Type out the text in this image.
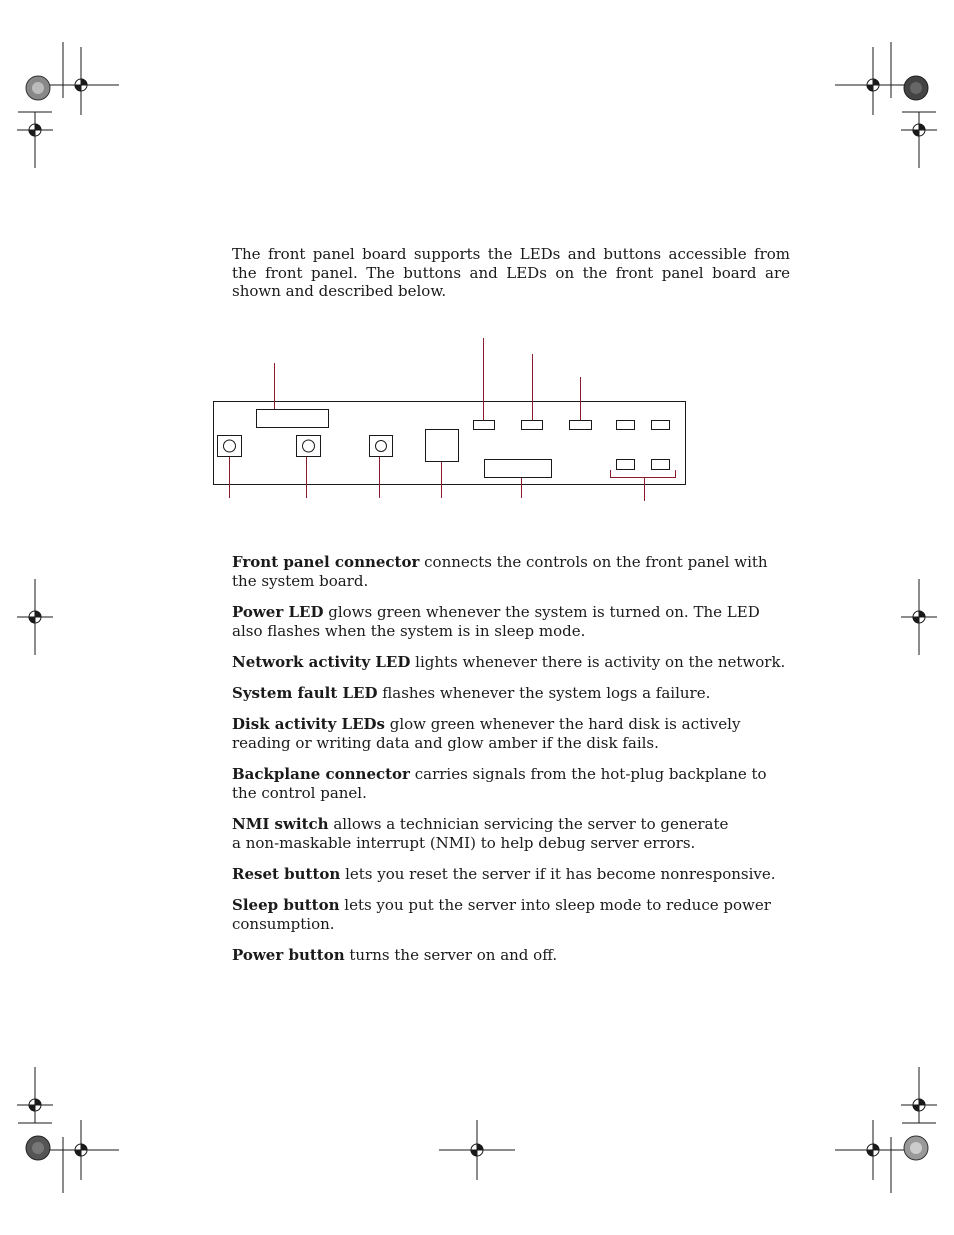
The front panel board supports the LEDs and buttons accessible from the front panel. The buttons and LEDs on the front panel board are shown and described below.

Front panel connector connects the controls on the front panel with the system board.

Power LED glows green whenever the system is turned on. The LED also flashes when the system is in sleep mode.

Network activity LED lights whenever there is activity on the network.

System fault LED flashes whenever the system logs a failure.

Disk activity LEDs glow green whenever the hard disk is actively reading or writing data and glow amber if the disk fails.

Backplane connector carries signals from the hot-plug backplane to the control panel.

NMI switch allows a technician servicing the server to generate a non-maskable interrupt (NMI) to help debug server errors.

Reset button lets you reset the server if it has become nonresponsive.

Sleep button lets you put the server into sleep mode to reduce power consumption.

Power button turns the server on and off.
